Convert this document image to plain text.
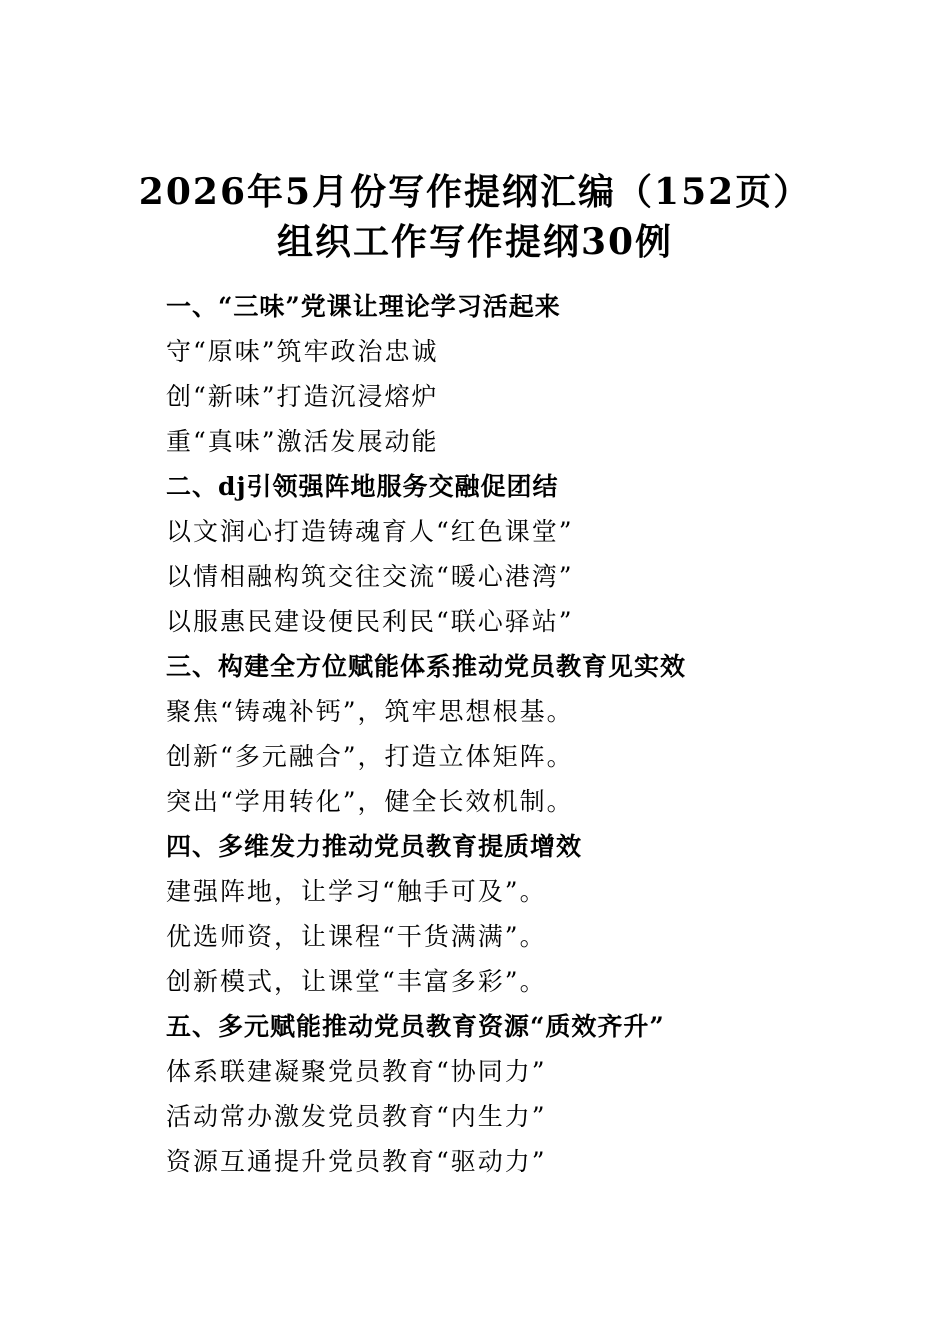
2026年5月份写作提纲汇编（152页）
组织工作写作提纲30例
一、“三味”党课让理论学习活起来
守“原味”筑牢政治忠诚
创“新味”打造沉浸熔炉
重“真味”激活发展动能
二、dj引领强阵地服务交融促团结
以文润心打造铸魂育人“红色课堂”
以情相融构筑交往交流“暖心港湾”
以服惠民建设便民利民“联心驿站”
三、构建全方位赋能体系推动党员教育见实效
聚焦“铸魂补钙”，筑牢思想根基。
创新“多元融合”，打造立体矩阵。
突出“学用转化”，健全长效机制。
四、多维发力推动党员教育提质增效
建强阵地，让学习“触手可及”。
优选师资，让课程“干货满满”。
创新模式，让课堂“丰富多彩”。
五、多元赋能推动党员教育资源“质效齐升”
体系联建凝聚党员教育“协同力”
活动常办激发党员教育“内生力”
资源互通提升党员教育“驱动力”
